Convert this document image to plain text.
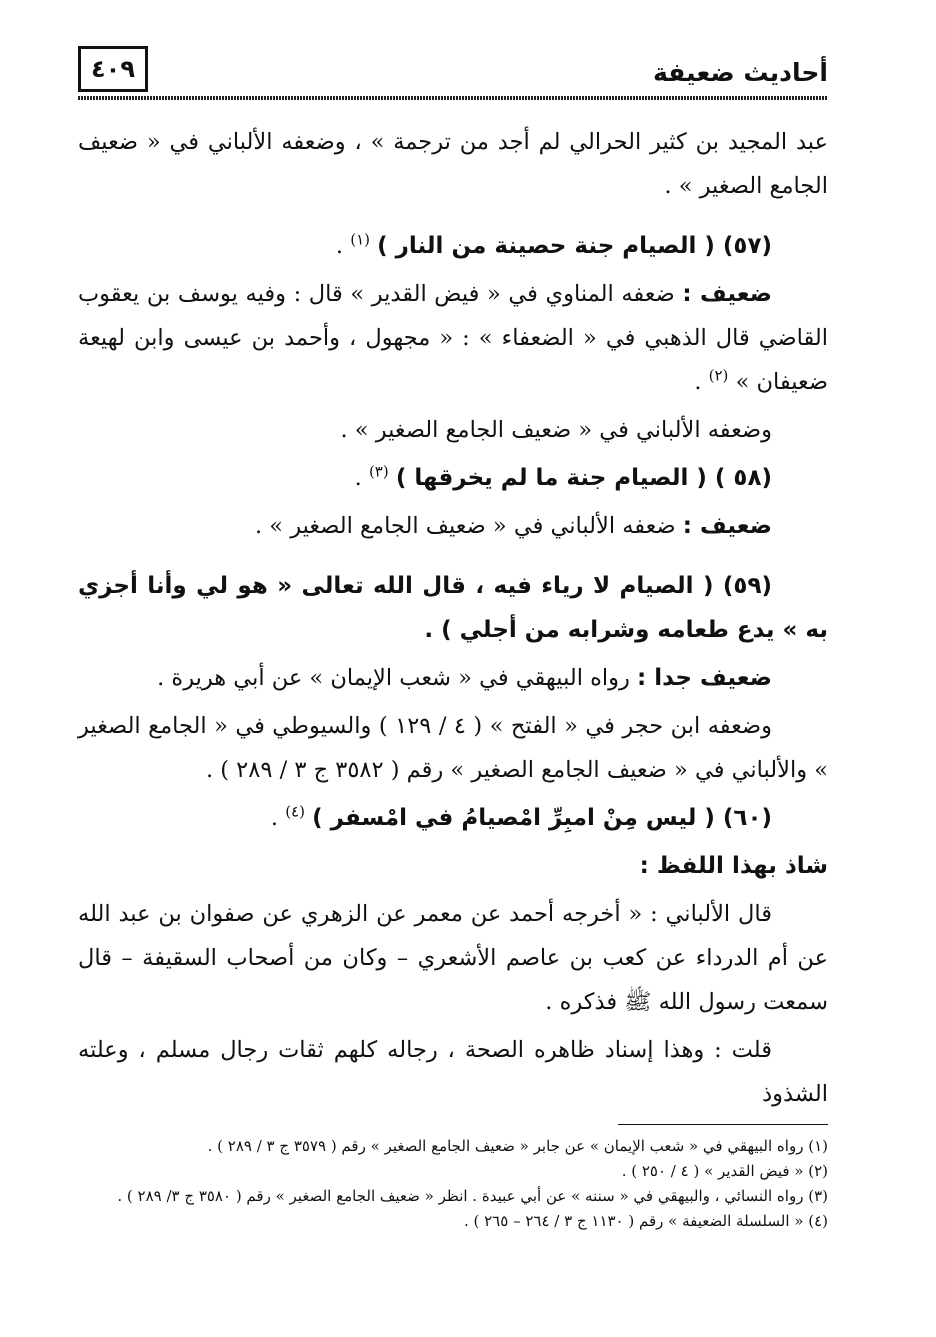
٤٠٩	أحاديث ضعيفة

عبد المجيد بن كثير الحرالي لم أجد من ترجمة » ، وضعفه الألباني في « ضعيف الجامع الصغير » .

(٥٧) ( الصيام جنة حصينة من النار ) $^{(١)}$ .

ضعيف : ضعفه المناوي في « فيض القدير » قال : وفيه يوسف بن يعقوب القاضي قال الذهبي في « الضعفاء » : « مجهول ، وأحمد بن عيسى وابن لهيعة ضعيفان » $^{(٢)}$ .

وضعفه الألباني في « ضعيف الجامع الصغير » .

(٥٨ ) ( الصيام جنة ما لم يخرقها ) $^{(٣)}$ .

ضعيف : ضعفه الألباني في « ضعيف الجامع الصغير » .

(٥٩) ( الصيام لا رياء فيه ، قال الله تعالى « هو لي وأنا أجزي به » يدع طعامه وشرابه من أجلي ) .

ضعيف جدا : رواه البيهقي في « شعب الإيمان » عن أبي هريرة .

وضعفه ابن حجر في « الفتح » ( ٤ / ١٢٩ ) والسيوطي في « الجامع الصغير » والألباني في « ضعيف الجامع الصغير » رقم ( ٣٥٨٢ ج ٣ / ٢٨٩ ) .

(٦٠) ( ليس مِنْ امبِرِّ امْصيامُ في امْسفر ) $^{(٤)}$ .

شاذ بهذا اللفظ :

قال الألباني : « أخرجه أحمد عن معمر عن الزهري عن صفوان بن عبد الله عن أم الدرداء عن كعب بن عاصم الأشعري – وكان من أصحاب السقيفة – قال سمعت رسول الله ﷺ فذكره .

قلت : وهذا إسناد ظاهره الصحة ، رجاله كلهم ثقات رجال مسلم ، وعلته الشذوذ

(١) رواه البيهقي في « شعب الإيمان » عن جابر « ضعيف الجامع الصغير » رقم ( ٣٥٧٩ ج ٣ / ٢٨٩ ) .
(٢) « فيض القدير » ( ٤ / ٢٥٠ ) .
(٣) رواه النسائي ، والبيهقي في « سننه » عن أبي عبيدة . انظر « ضعيف الجامع الصغير » رقم ( ٣٥٨٠ ج ٣/ ٢٨٩ ) .
(٤) « السلسلة الضعيفة » رقم ( ١١٣٠ ج ٣ / ٢٦٤ – ٢٦٥ ) .
